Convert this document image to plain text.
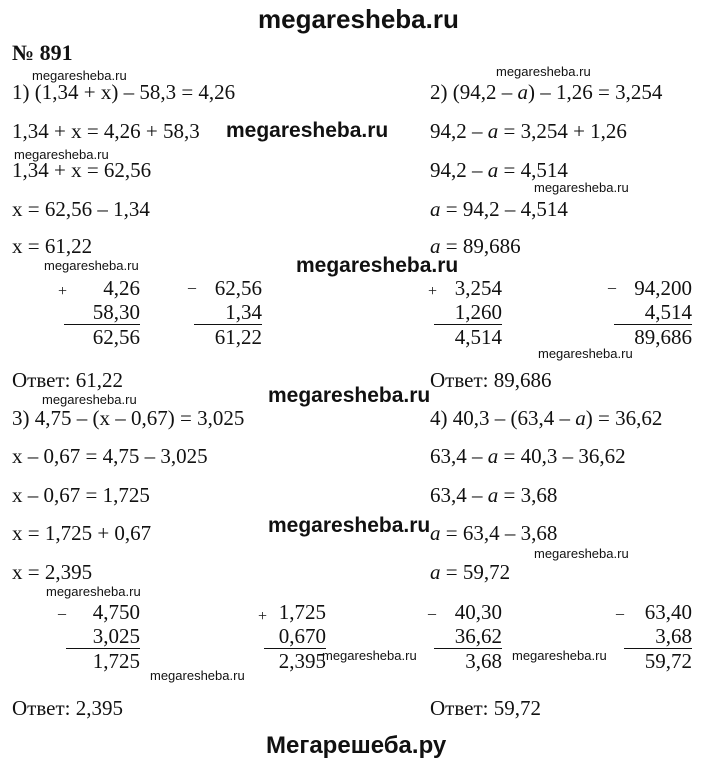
megaresheba.ru
№ 891
megaresheba.ru
1) (1,34 + x) – 58,3 = 4,26
1,34 + x = 4,26 + 58,3 megaresheba.ru
megaresheba.ru
1,34 + x = 62,56
x = 62,56 – 1,34
x = 61,22
megaresheba.ru
+	4,26
58,30
62,56
_ 62,56
1,34
61,22
Ответ: 61,22
megaresheba.ru
2) (94,2 – a) – 1,26 = 3,254
94,2 – a = 3,254 + 1,26
94,2 – a = 4,514
megaresheba.ru
a = 94,2 – 4,514
a = 89,686
megaresheba.ru
+ 3,254
1,260
4,514
_ 94,200
4,514
89,686
megaresheba.ru
Ответ: 89,686
megaresheba.ru
megaresheba.ru
3) 4,75 – (x – 0,67) = 3,025
x – 0,67 = 4,75 – 3,025
x – 0,67 = 1,725
x = 1,725 + 0,67
x = 2,395
megaresheba.ru
_	4,750
3,025
1,725
+ 1,725
0,670
2,395
megaresheba.ru
Ответ: 2,395
4) 40,3 – (63,4 – a) = 36,62
63,4 – a = 40,3 – 36,62
63,4 – a = 3,68
megaresheba.ru a = 63,4 – 3,68
megaresheba.ru
a = 59,72
_ 40,30
36,62
3,68
_ 63,40
3,68
59,72
megaresheba.ru	megaresheba.ru
Ответ: 59,72
Мегарешеба.ру
